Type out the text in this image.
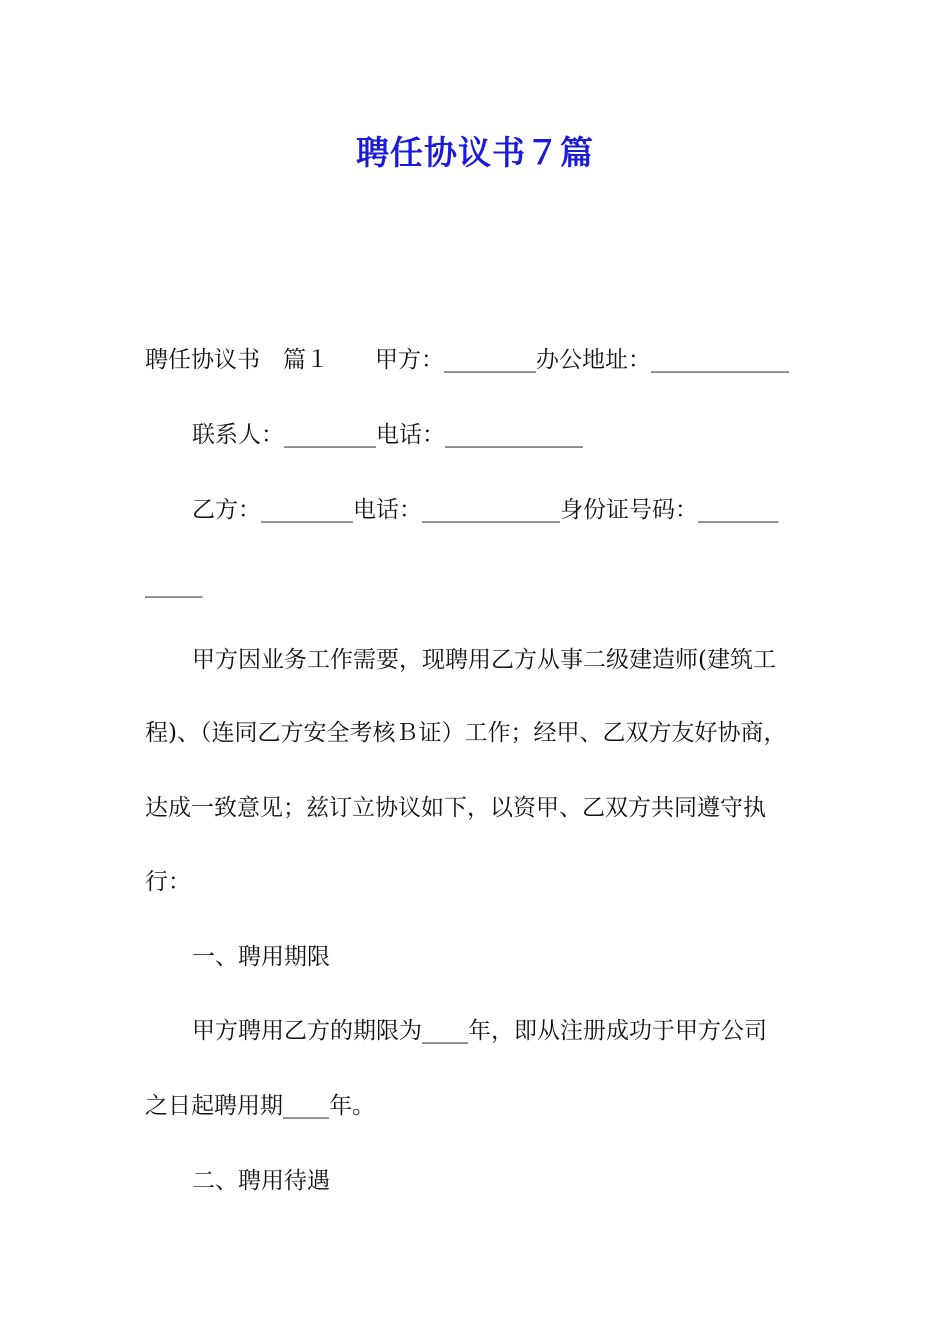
聘任协议书７篇
聘任协议书　篇１　　甲方：________办公地址：____________
联系人：________电话：____________
乙方：________电话：____________身份证号码：_______
_____
甲方因业务工作需要，现聘用乙方从事二级建造师(建筑工
程)、（连同乙方安全考核Ｂ证）工作；经甲、乙双方友好协商，
达成一致意见；兹订立协议如下，以资甲、乙双方共同遵守执
行：
一、聘用期限
甲方聘用乙方的期限为____年，即从注册成功于甲方公司
之日起聘用期____年。
二、聘用待遇
